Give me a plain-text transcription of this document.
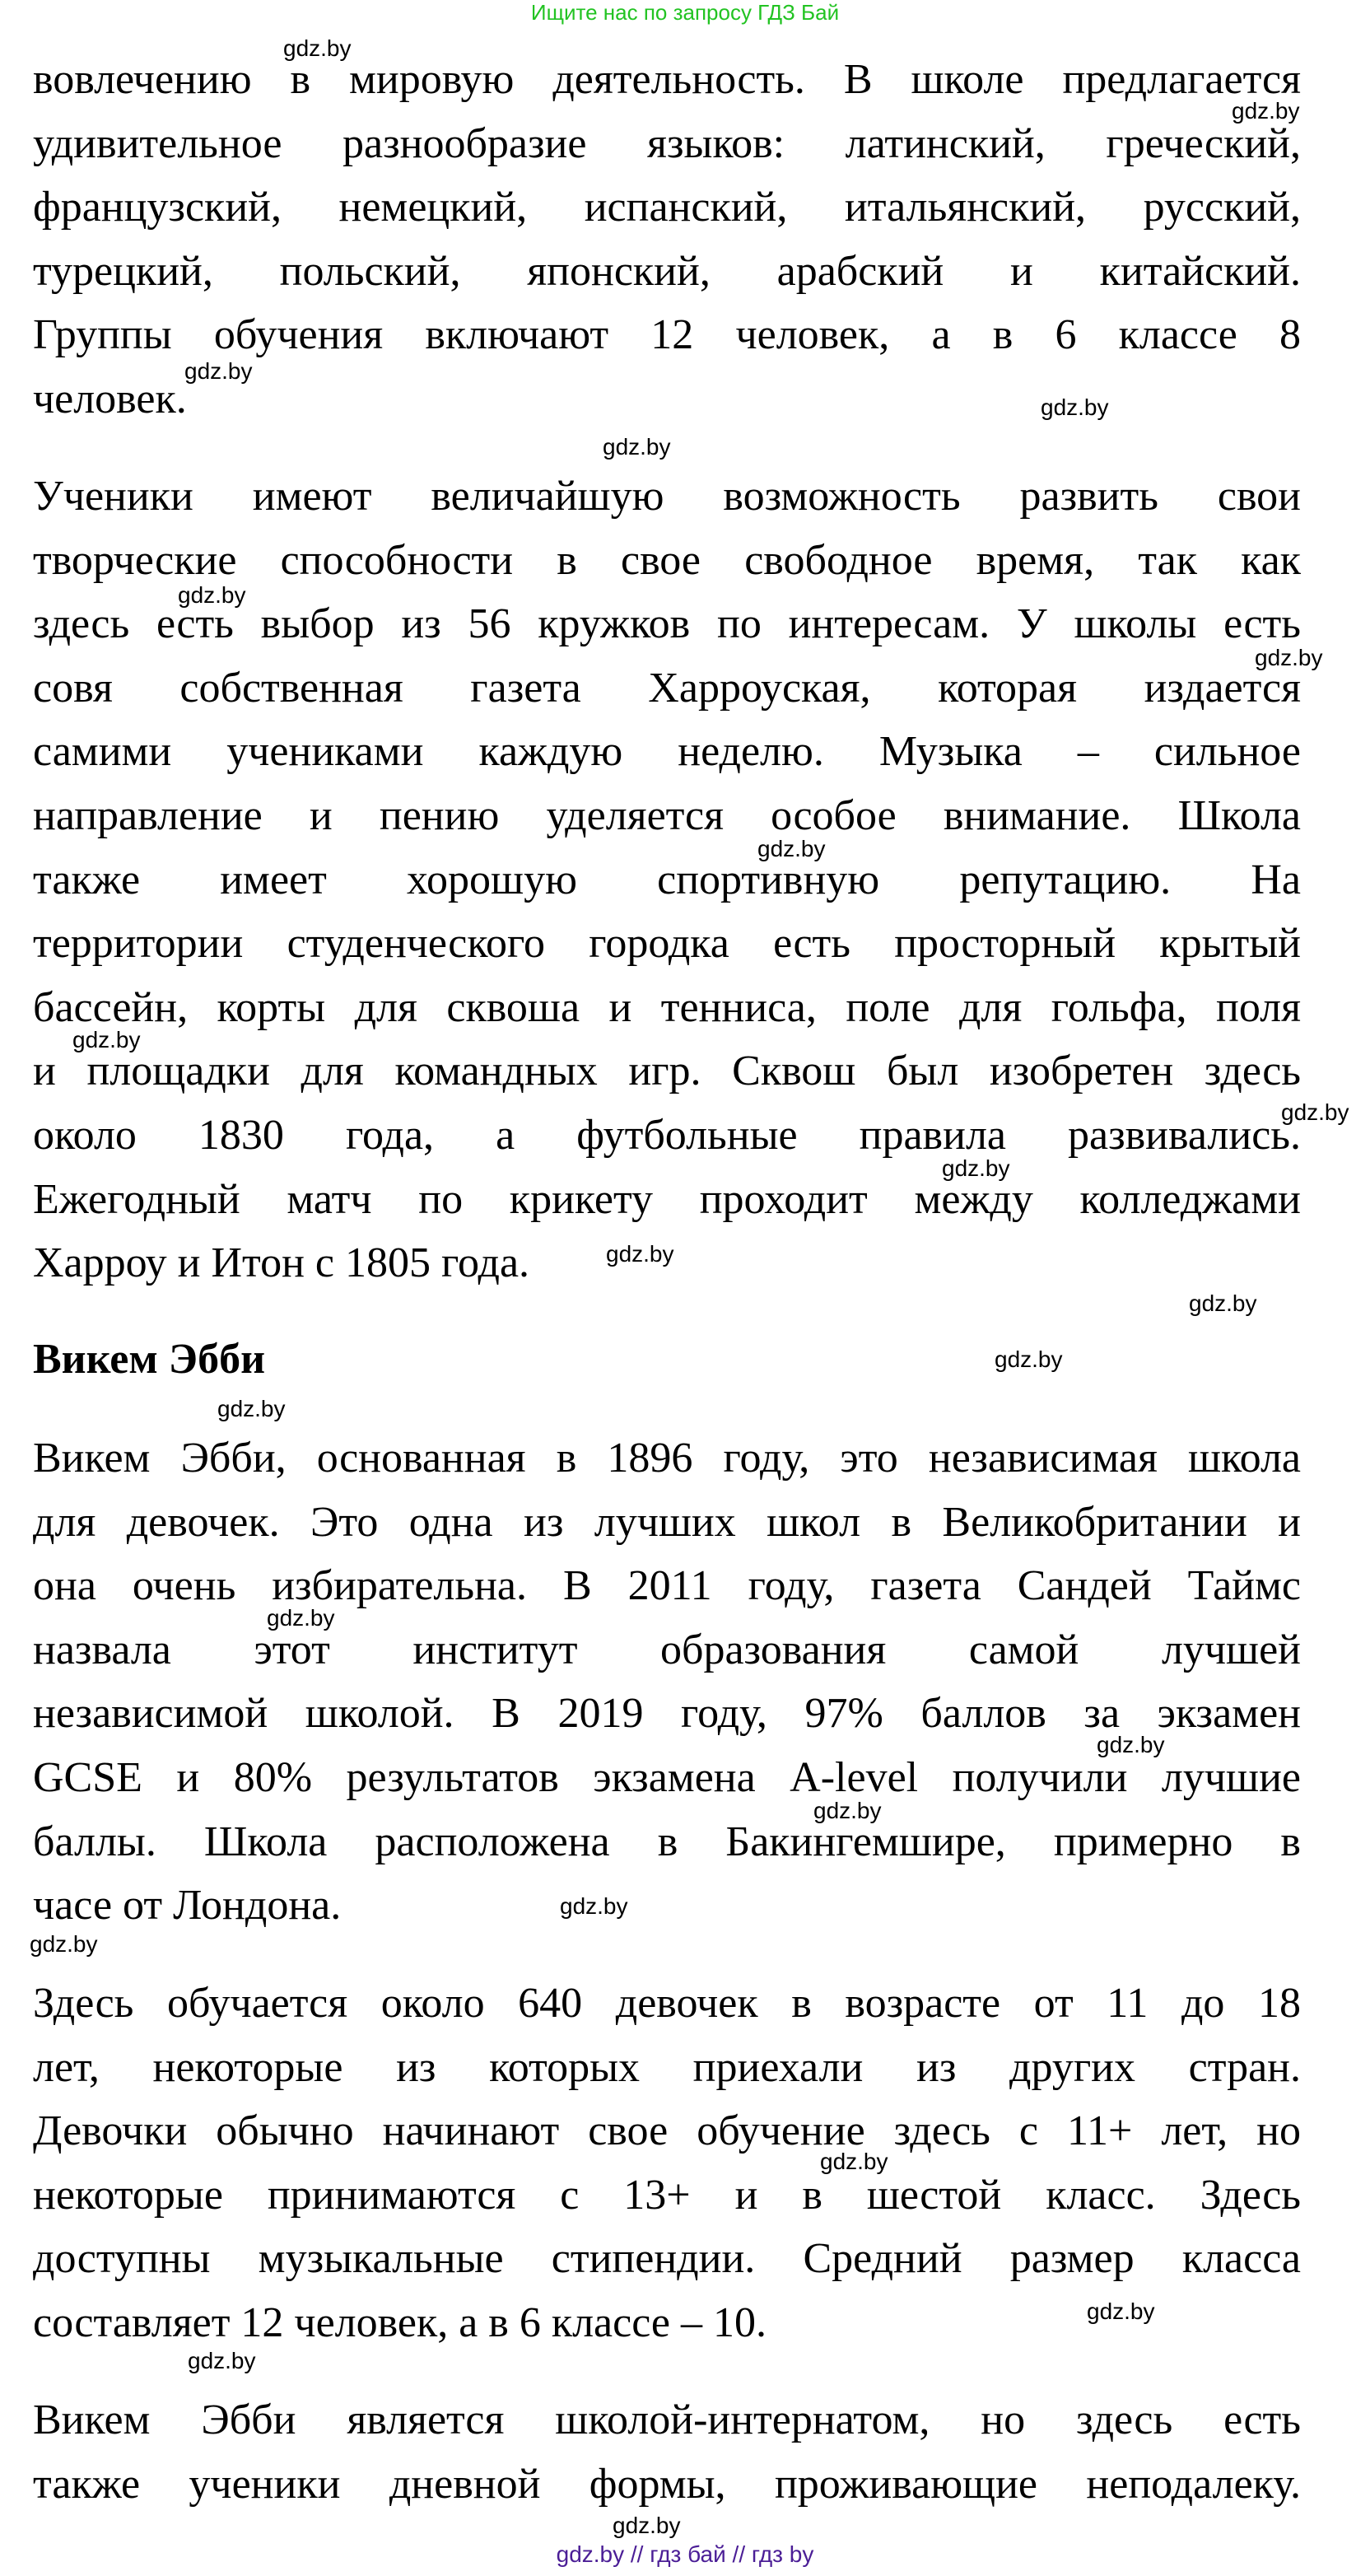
Ищите нас по запросу ГДЗ Бай
вовлечению в мировую деятельность. В школе предлагается
удивительное разнообразие языков: латинский, греческий,
французский, немецкий, испанский, итальянский, русский,
турецкий, польский, японский, арабский и китайский.
Группы обучения включают 12 человек, а в 6 классе 8
человек.
Ученики имеют величайшую возможность развить свои
творческие способности в свое свободное время, так как
здесь есть выбор из 56 кружков по интересам. У школы есть
совя собственная газета Харроуская, которая издается
самими учениками каждую неделю. Музыка – сильное
направление и пению уделяется особое внимание. Школа
также имеет хорошую спортивную репутацию. На
территории студенческого городка есть просторный крытый
бассейн, корты для сквоша и тенниса, поле для гольфа, поля
и площадки для командных игр. Сквош был изобретен здесь
около 1830 года, а футбольные правила развивались.
Ежегодный матч по крикету проходит между колледжами
Харроу и Итон с 1805 года.
Викем Эбби, основанная в 1896 году, это независимая школа
для девочек. Это одна из лучших школ в Великобритании и
она очень избирательна. В 2011 году, газета Сандей Таймс
назвала этот институт образования самой лучшей
независимой школой. В 2019 году, 97% баллов за экзамен
GCSE и 80% результатов экзамена A-level получили лучшие
баллы. Школа расположена в Бакингемшире, примерно в
часе от Лондона.
Здесь обучается около 640 девочек в возрасте от 11 до 18
лет, некоторые из которых приехали из других стран.
Девочки обычно начинают свое обучение здесь с 11+ лет, но
некоторые принимаются с 13+ и в шестой класс. Здесь
доступны музыкальные стипендии. Средний размер класса
составляет 12 человек, а в 6 классе – 10.
Викем Эбби является школой-интернатом, но здесь есть
также ученики дневной формы, проживающие неподалеку.
Викем Эбби
gdz.by
gdz.by
gdz.by
gdz.by
gdz.by
gdz.by
gdz.by
gdz.by
gdz.by
gdz.by
gdz.by
gdz.by
gdz.by
gdz.by
gdz.by
gdz.by
gdz.by
gdz.by
gdz.by
gdz.by
gdz.by
gdz.by
gdz.by
gdz.by
gdz.by // гдз бай // гдз by
